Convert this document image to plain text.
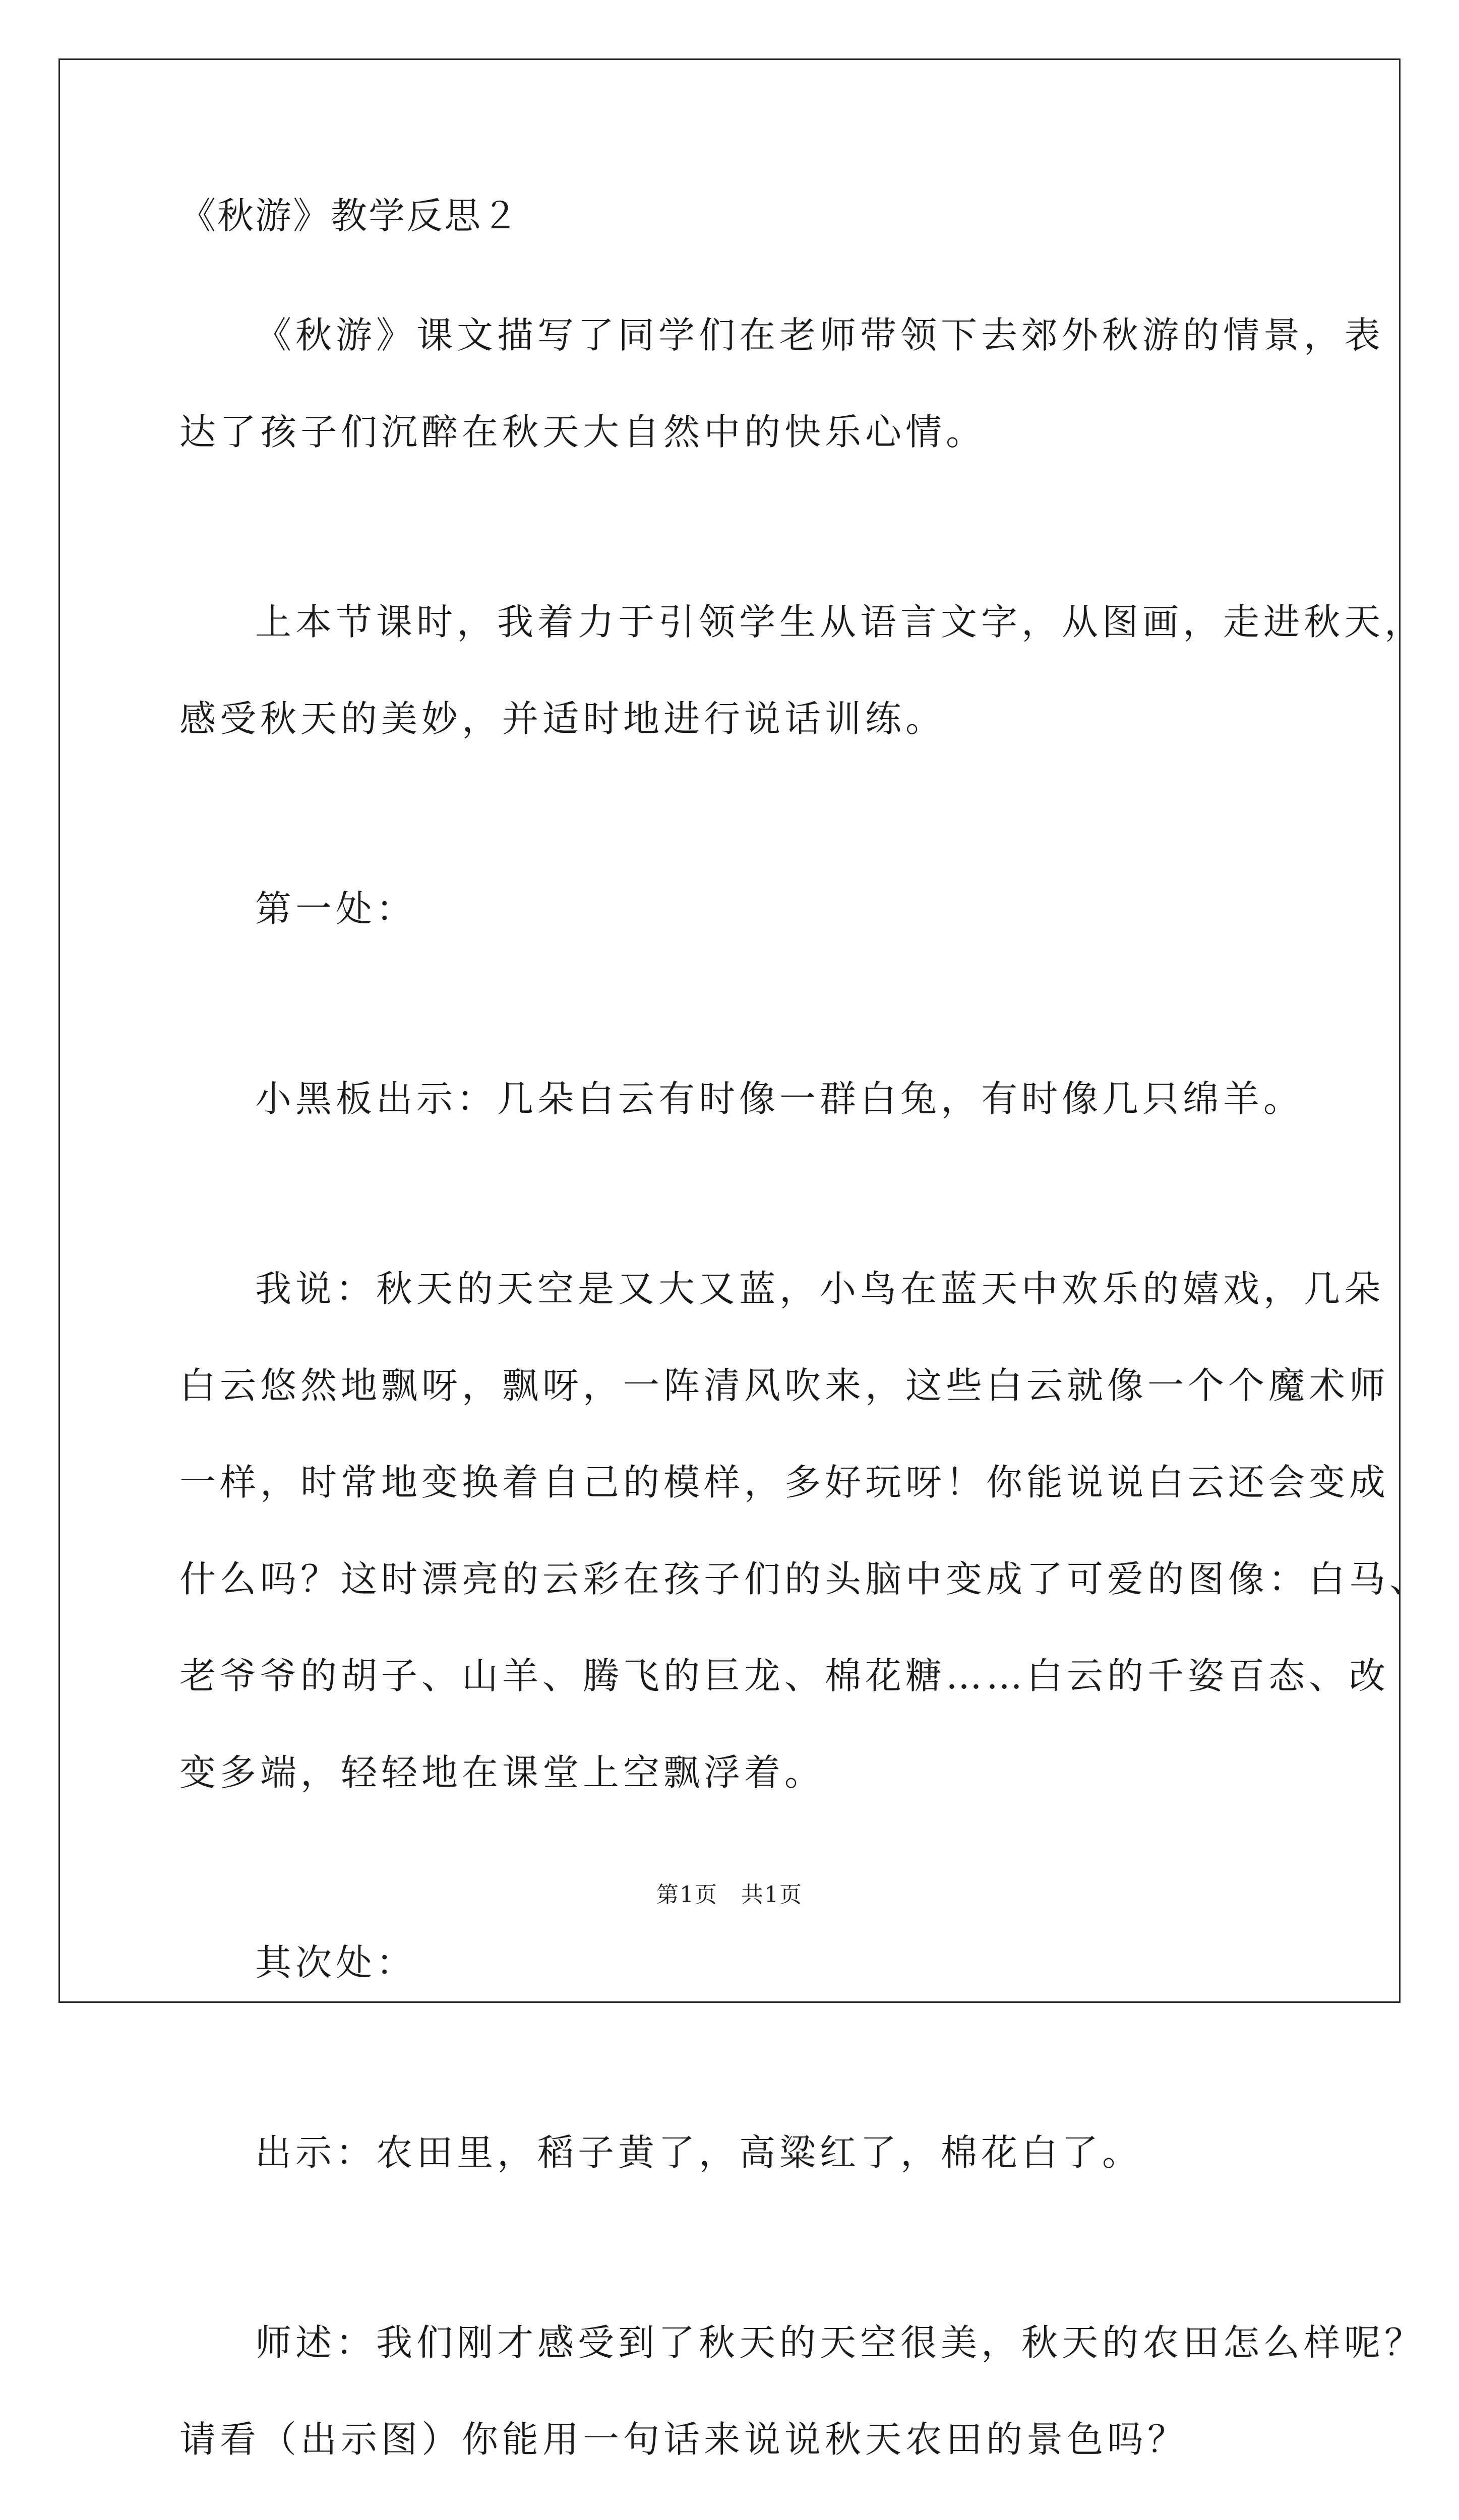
《秋游》教学反思２

《秋游》课文描写了同学们在老师带领下去郊外秋游的情景，表
达了孩子们沉醉在秋天大自然中的快乐心情。

上本节课时，我着力于引领学生从语言文字，从图画，走进秋天，
感受秋天的美妙，并适时地进行说话训练。

第一处：

小黑板出示：几朵白云有时像一群白兔，有时像几只绵羊。

我说：秋天的天空是又大又蓝，小鸟在蓝天中欢乐的嬉戏，几朵
白云悠然地飘呀，飘呀，一阵清风吹来，这些白云就像一个个魔术师
一样，时常地变换着自己的模样，多好玩呀！你能说说白云还会变成
什么吗？这时漂亮的云彩在孩子们的头脑中变成了可爱的图像：白马、
老爷爷的胡子、山羊、腾飞的巨龙、棉花糖……白云的千姿百态、改
变多端，轻轻地在课堂上空飘浮着。

其次处：

出示：农田里，稻子黄了，高粱红了，棉花白了。

师述：我们刚才感受到了秋天的天空很美，秋天的农田怎么样呢？
请看（出示图）你能用一句话来说说秋天农田的景色吗？

第1页　共1页
